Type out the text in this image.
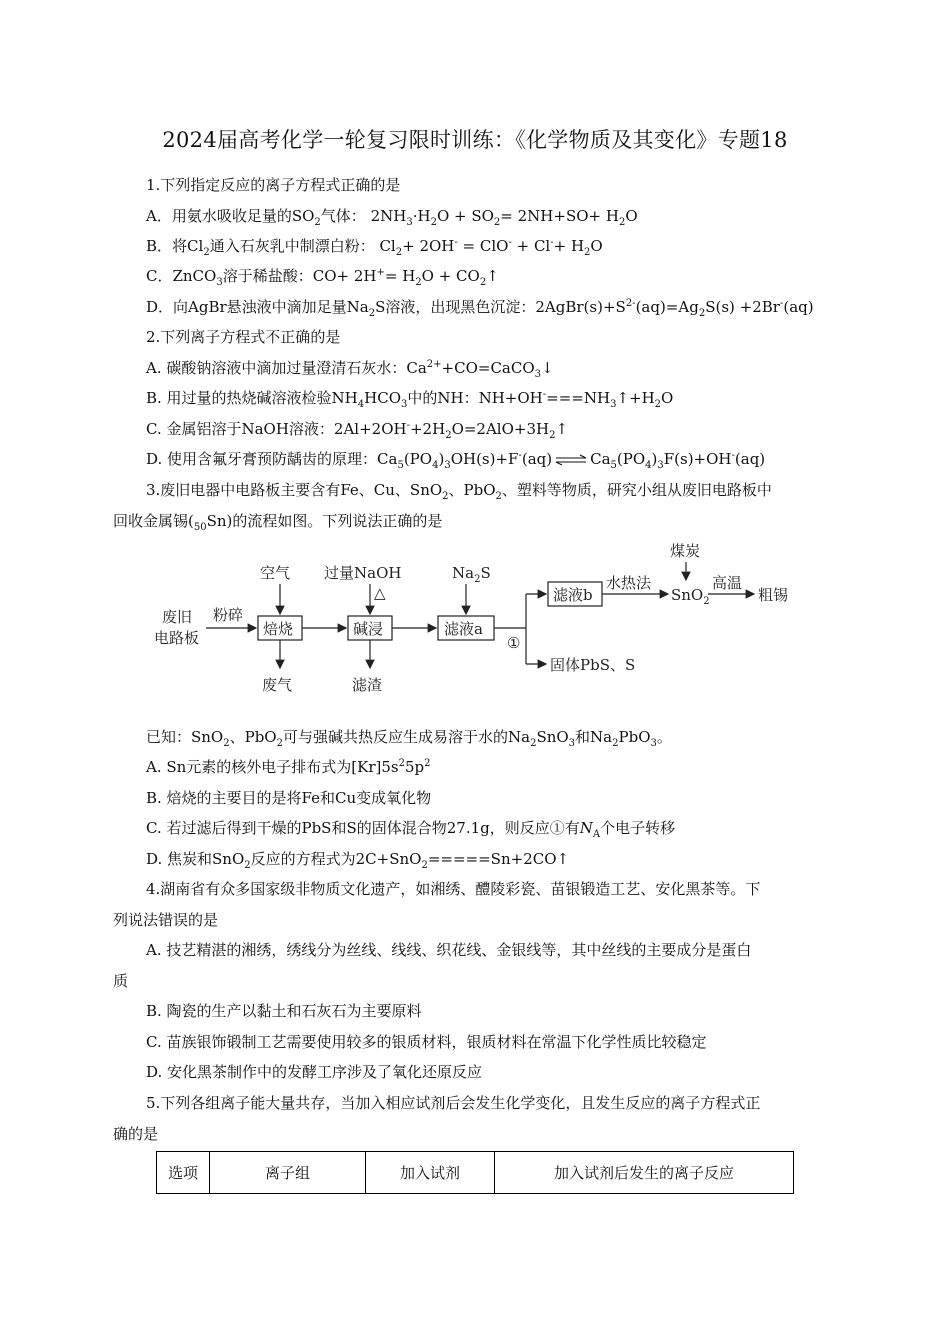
2024届高考化学一轮复习限时训练：《化学物质及其变化》专题18
1.下列指定反应的离子方程式正确的是
A．用氨水吸收足量的$SO_2$气体： $2NH_3\cdot H_2O + SO_2= 2NH+SO+ H_2O$
B．将$Cl_2$通入石灰乳中制漂白粉： $Cl_2+ 2OH^- = ClO^- + Cl^-+ H_2O$
C．ZnCO$_3$溶于稀盐酸：$CO+ 2H^+= H_2O$ + $CO_2↑$
D．向AgBr悬浊液中滴加足量$Na_2S$溶液，出现黑色沉淀：$2AgBr(s)+S^{2-}(aq)=Ag_2S(s) +2Br^-(aq)$
2.下列离子方程式不正确的是
A. 碳酸钠溶液中滴加过量澄清石灰水：$Ca^{2+}+CO=CaCO_3↓$
B. 用过量的热烧碱溶液检验$NH_4HCO_3$中的NH：$NH+OH^-===NH_3↑+H_2O$
C. 金属铝溶于NaOH溶液：$2Al+2OH^-+2H_2O=2AlO+3H_2↑$
D. 使用含氟牙膏预防龋齿的原理：$Ca_5(PO_4)_3OH(s)+F^-(aq)$ ⇌ $Ca_5(PO_4)_3F(s)+OH^-(aq)$
3.废旧电器中电路板主要含有Fe、Cu、SnO$_2$、PbO$_2$、塑料等物质，研究小组从废旧电路板中
回收金属锡$(_{50}Sn)$的流程如图。下列说法正确的是
废旧
电路板
粉碎
空气
焙烧
废气
过量NaOH
△
碱浸
滤渣
$Na_2S$
滤液a
①
滤液b
水热法
煤炭
SnO$_2$
高温
粗锡
固体PbS、S
已知：SnO$_2$、PbO$_2$可与强碱共热反应生成易溶于水的$Na_2SnO_3$和$Na_2PbO_3$。
A. Sn元素的核外电子排布式为$[Kr]5s^25p^2$
B. 焙烧的主要目的是将Fe和Cu变成氧化物
C. 若过滤后得到干燥的PbS和S的固体混合物27.1g，则反应①有$N_A$个电子转移
D. 焦炭和SnO$_2$反应的方程式为2C+SnO$_2$=====Sn+2CO↑
4.湖南省有众多国家级非物质文化遗产，如湘绣、醴陵彩瓷、苗银锻造工艺、安化黑茶等。下
列说法错误的是
A. 技艺精湛的湘绣，绣线分为丝线、线线、织花线、金银线等，其中丝线的主要成分是蛋白
质
B. 陶瓷的生产以黏土和石灰石为主要原料
C. 苗族银饰锻制工艺需要使用较多的银质材料，银质材料在常温下化学性质比较稳定
D. 安化黑茶制作中的发酵工序涉及了氧化还原反应
5.下列各组离子能大量共存，当加入相应试剂后会发生化学变化，且发生反应的离子方程式正
确的是
选项	离子组	加入试剂	加入试剂后发生的离子反应
